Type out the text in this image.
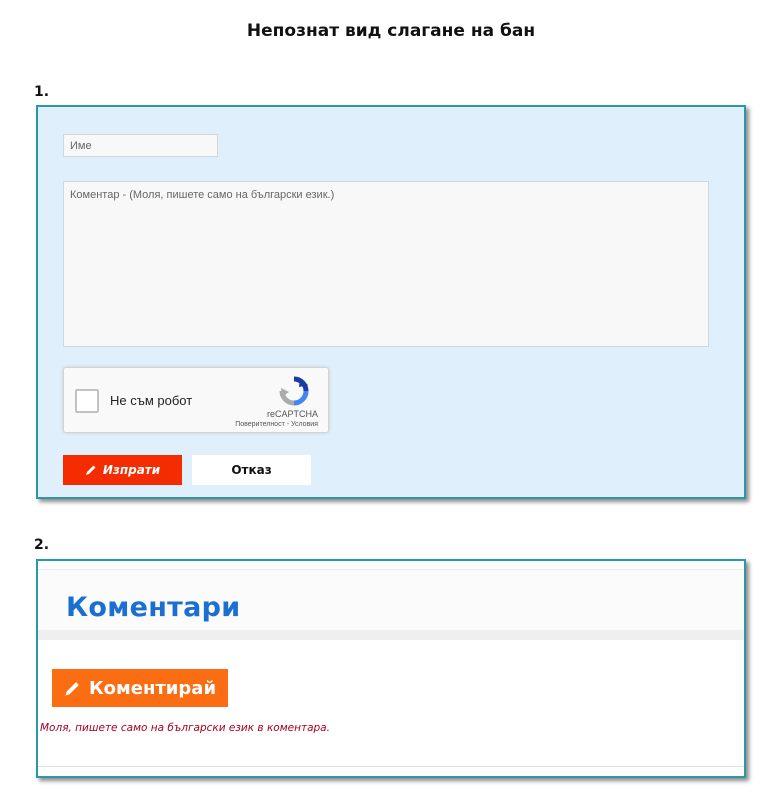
Непознат вид слагане на бан
1.
Име
Коментар - (Моля, пишете само на български език.)
Не съм робот
reCAPTCHA
Поверителност - Условия
Изпрати	Отказ
2.
Коментари
Коментирай
Моля, пишете само на български език в коментара.
